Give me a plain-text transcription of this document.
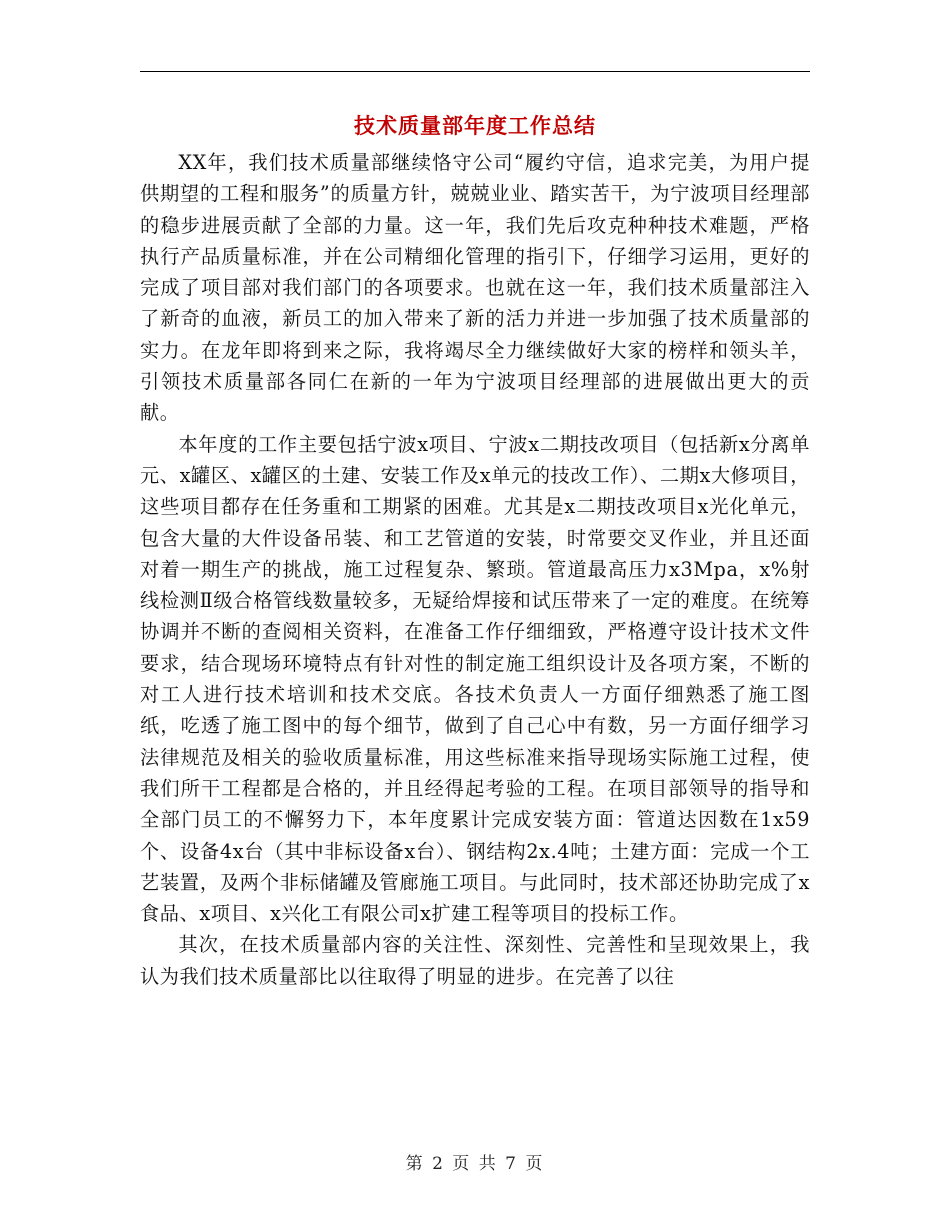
技术质量部年度工作总结

XX年，我们技术质量部继续恪守公司“履约守信，追求完美，为用户提供期望的工程和服务”的质量方针，兢兢业业、踏实苦干，为宁波项目经理部的稳步进展贡献了全部的力量。这一年，我们先后攻克种种技术难题，严格执行产品质量标准，并在公司精细化管理的指引下，仔细学习运用，更好的完成了项目部对我们部门的各项要求。也就在这一年，我们技术质量部注入了新奇的血液，新员工的加入带来了新的活力并进一步加强了技术质量部的实力。在龙年即将到来之际，我将竭尽全力继续做好大家的榜样和领头羊，引领技术质量部各同仁在新的一年为宁波项目经理部的进展做出更大的贡献。

本年度的工作主要包括宁波x项目、宁波x二期技改项目（包括新x分离单元、x罐区、x罐区的土建、安装工作及x单元的技改工作）、二期x大修项目，这些项目都存在任务重和工期紧的困难。尤其是x二期技改项目x光化单元，包含大量的大件设备吊装、和工艺管道的安装，时常要交叉作业，并且还面对着一期生产的挑战，施工过程复杂、繁琐。管道最高压力x3Mpa，x%射线检测Ⅱ级合格管线数量较多，无疑给焊接和试压带来了一定的难度。在统筹协调并不断的查阅相关资料，在准备工作仔细细致，严格遵守设计技术文件要求，结合现场环境特点有针对性的制定施工组织设计及各项方案，不断的对工人进行技术培训和技术交底。各技术负责人一方面仔细熟悉了施工图纸，吃透了施工图中的每个细节，做到了自己心中有数，另一方面仔细学习法律规范及相关的验收质量标准，用这些标准来指导现场实际施工过程，使我们所干工程都是合格的，并且经得起考验的工程。在项目部领导的指导和全部门员工的不懈努力下，本年度累计完成安装方面：管道达因数在1x59个、设备4x台（其中非标设备x台）、钢结构2x.4吨；土建方面：完成一个工艺装置，及两个非标储罐及管廊施工项目。与此同时，技术部还协助完成了x食品、x项目、x兴化工有限公司x扩建工程等项目的投标工作。

其次，在技术质量部内容的关注性、深刻性、完善性和呈现效果上，我认为我们技术质量部比以往取得了明显的进步。在完善了以往

第 2 页 共 7 页
